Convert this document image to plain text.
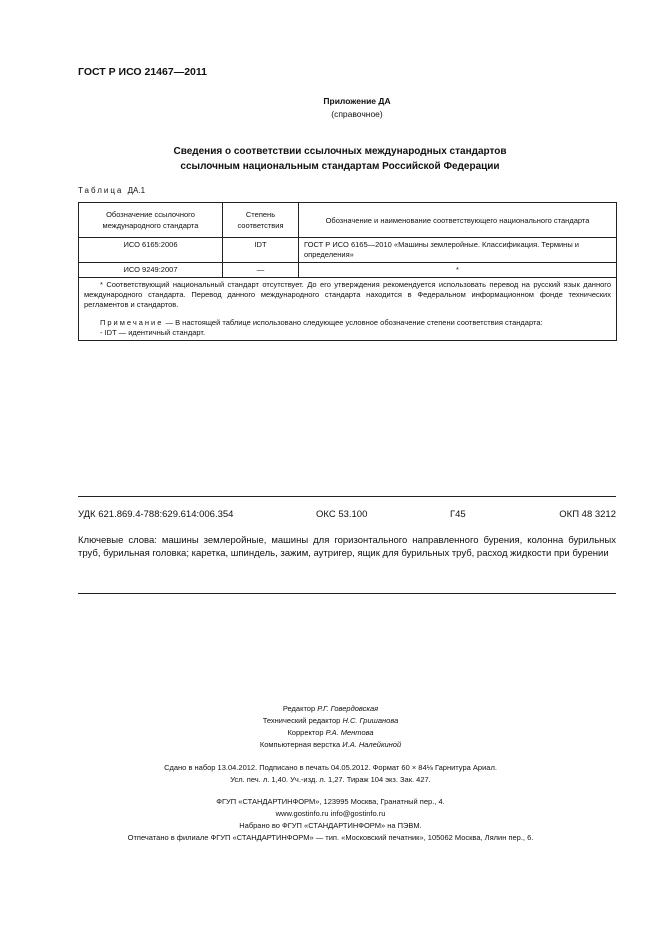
ГОСТ Р ИСО 21467—2011
Приложение ДА
(справочное)
Сведения о соответствии ссылочных международных стандартов
ссылочным национальным стандартам Российской Федерации
Таблица ДА.1
Обозначение ссылочного международного стандарта	Степень соответствия	Обозначение и наименование соответствующего национального стандарта
ИСО 6165:2006	IDT	ГОСТ Р ИСО 6165—2010 «Машины землеройные. Классификация. Термины и определения»
ИСО 9249:2007	—	*

* Соответствующий национальный стандарт отсутствует. До его утверждения рекомендуется использовать перевод на русский язык данного международного стандарта. Перевод данного международного стандарта находится в Федеральном информационном фонде технических регламентов и стандартов.

Примечание — В настоящей таблице использовано следующее условное обозначение степени соответствия стандарта:

- IDT — идентичный стандарт.		

УДК 621.869.4-788:629.614:006.354	ОКС 53.100	Г45	ОКП 48 3212
Ключевые слова: машины землеройные, машины для горизонтального направленного бурения, колонна бурильных труб, бурильная головка; каретка, шпиндель, зажим, аутригер, ящик для бурильных труб, расход жидкости при бурении
Редактор Р.Г. Говердовская
Технический редактор Н.С. Гришанова
Корректор Р.А. Ментова
Компьютерная верстка И.А. Налейкиной
Сдано в набор 13.04.2012. Подписано в печать 04.05.2012. Формат 60 × 84⅛ Гарнитура Ариал.
Усл. печ. л. 1,40. Уч.-изд. л. 1,27. Тираж 104 экз. Зак. 427.
ФГУП «СТАНДАРТИНФОРМ», 123995 Москва, Гранатный пер., 4.
www.gostinfo.ru info@gostinfo.ru
Набрано во ФГУП «СТАНДАРТИНФОРМ» на ПЭВМ.
Отпечатано в филиале ФГУП «СТАНДАРТИНФОРМ» — тип. «Московский печатник», 105062 Москва, Лялин пер., 6.
